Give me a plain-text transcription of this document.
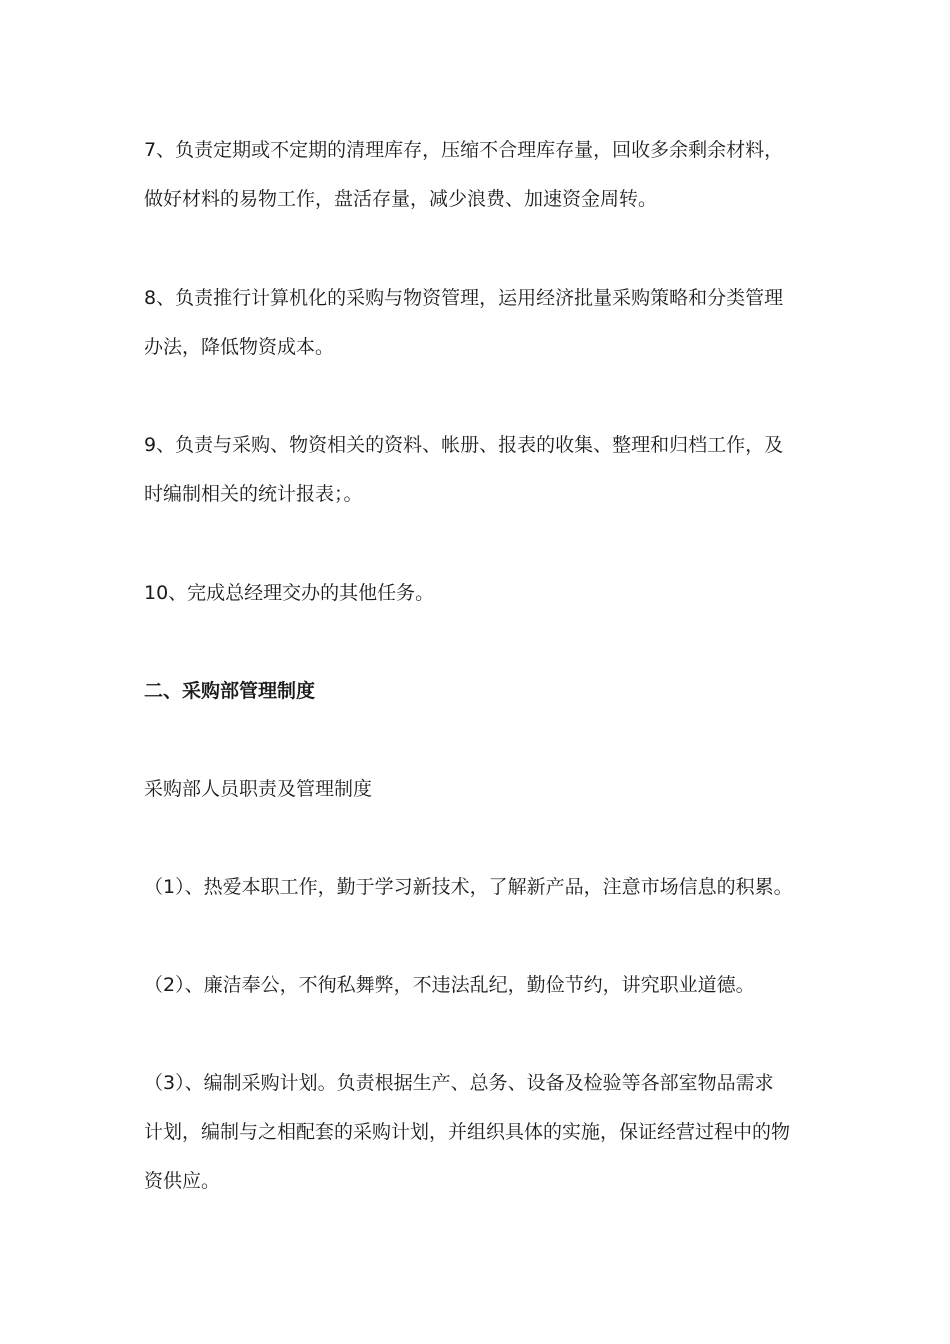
7、负责定期或不定期的清理库存，压缩不合理库存量，回收多余剩余材料，
做好材料的易物工作，盘活存量，减少浪费、加速资金周转。
8、负责推行计算机化的采购与物资管理，运用经济批量采购策略和分类管理
办法，降低物资成本。
9、负责与采购、物资相关的资料、帐册、报表的收集、整理和归档工作，及
时编制相关的统计报表；。
10、完成总经理交办的其他任务。
二、采购部管理制度
采购部人员职责及管理制度
（1）、热爱本职工作，勤于学习新技术，了解新产品，注意市场信息的积累。
（2）、廉洁奉公，不徇私舞弊，不违法乱纪，勤俭节约，讲究职业道德。
（3）、编制采购计划。负责根据生产、总务、设备及检验等各部室物品需求
计划，编制与之相配套的采购计划，并组织具体的实施，保证经营过程中的物
资供应。
